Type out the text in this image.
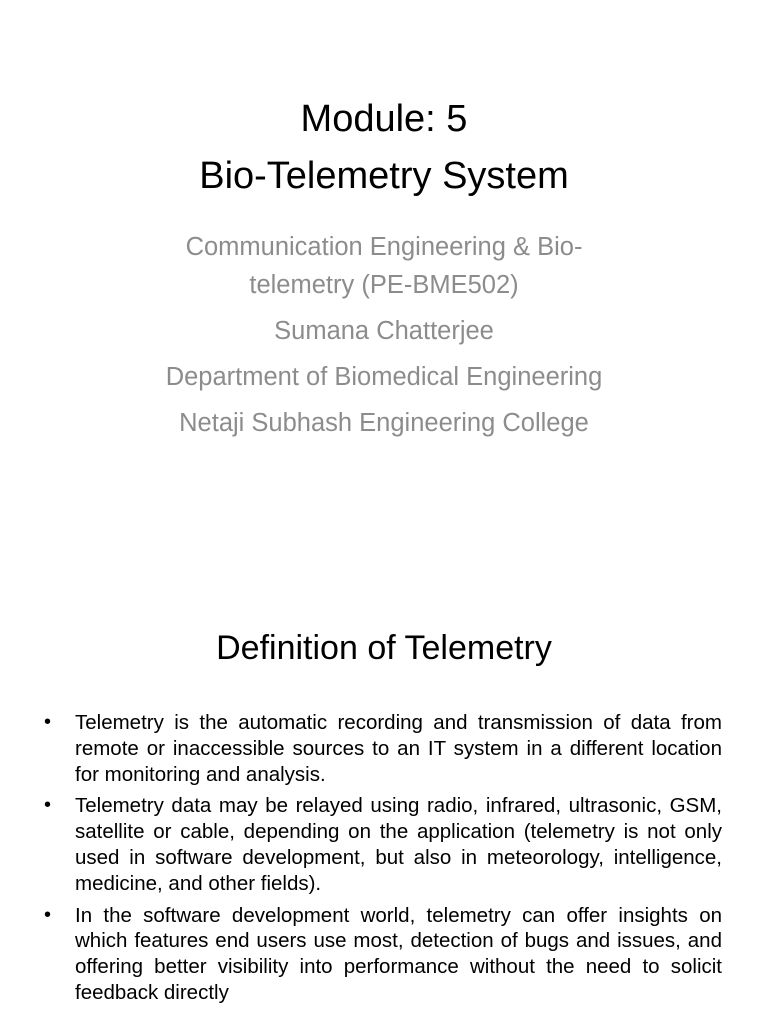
Module: 5
Bio-Telemetry System
Communication Engineering & Bio-
telemetry (PE-BME502)
Sumana Chatterjee
Department of Biomedical Engineering
Netaji Subhash Engineering College
Definition of Telemetry
• Telemetry is the automatic recording and transmission of data from remote or inaccessible sources to an IT system in a different location for monitoring and analysis.
• Telemetry data may be relayed using radio, infrared, ultrasonic, GSM, satellite or cable, depending on the application (telemetry is not only used in software development, but also in meteorology, intelligence, medicine, and other fields).
• In the software development world, telemetry can offer insights on which features end users use most, detection of bugs and issues, and offering better visibility into performance without the need to solicit feedback directly
